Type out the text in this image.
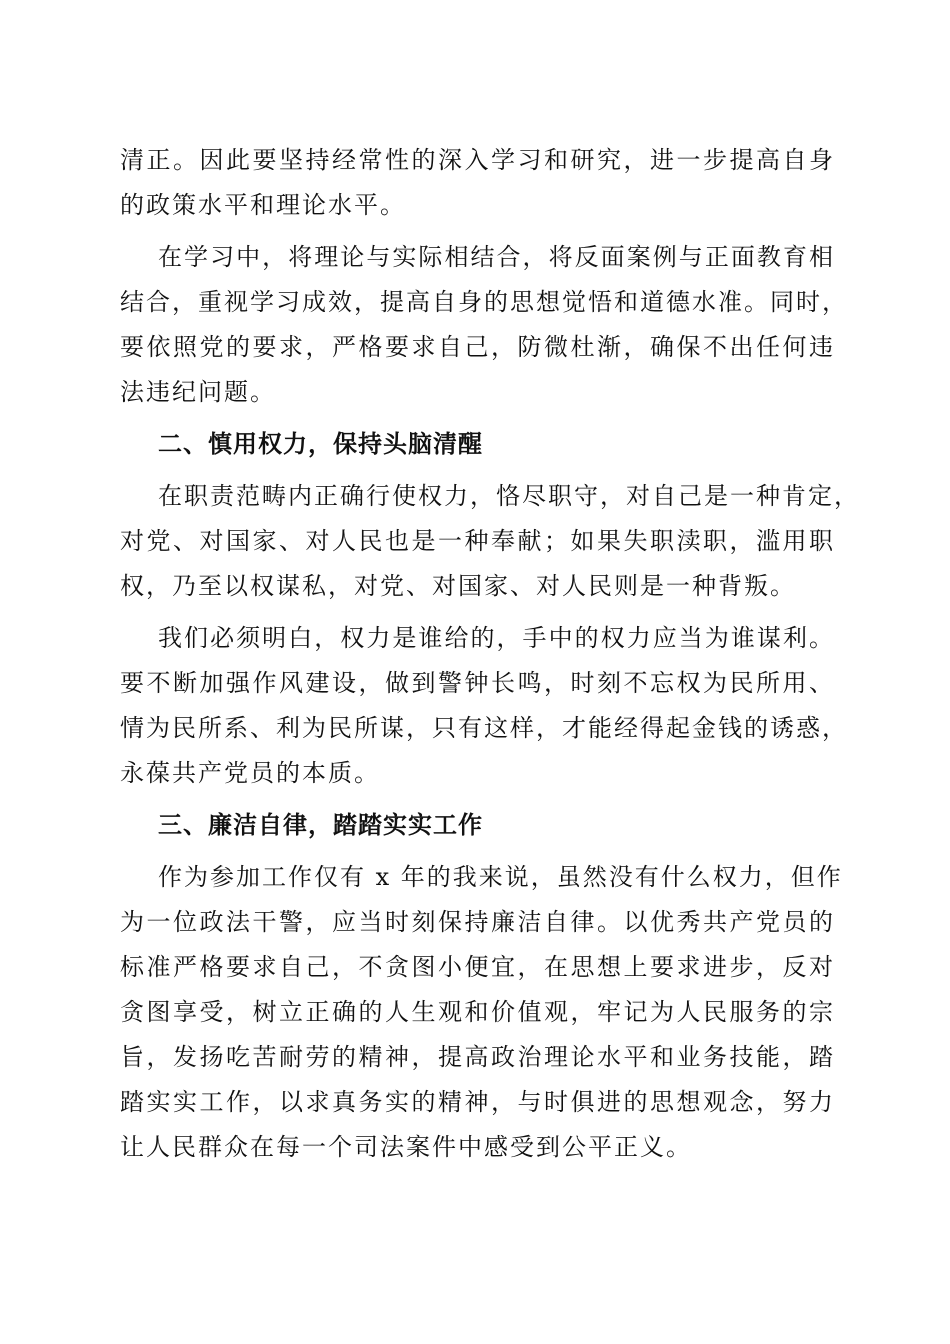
清正。因此要坚持经常性的深入学习和研究，进一步提高自身
的政策水平和理论水平。
在学习中，将理论与实际相结合，将反面案例与正面教育相
结合，重视学习成效，提高自身的思想觉悟和道德水准。同时，
要依照党的要求，严格要求自己，防微杜渐，确保不出任何违
法违纪问题。
二、慎用权力，保持头脑清醒
在职责范畴内正确行使权力，恪尽职守，对自己是一种肯定，
对党、对国家、对人民也是一种奉献；如果失职渎职，滥用职
权，乃至以权谋私，对党、对国家、对人民则是一种背叛。
我们必须明白，权力是谁给的，手中的权力应当为谁谋利。
要不断加强作风建设，做到警钟长鸣，时刻不忘权为民所用、
情为民所系、利为民所谋，只有这样，才能经得起金钱的诱惑，
永葆共产党员的本质。
三、廉洁自律，踏踏实实工作
作为参加工作仅有 x 年的我来说，虽然没有什么权力，但作
为一位政法干警，应当时刻保持廉洁自律。以优秀共产党员的
标准严格要求自己，不贪图小便宜，在思想上要求进步，反对
贪图享受，树立正确的人生观和价值观，牢记为人民服务的宗
旨，发扬吃苦耐劳的精神，提高政治理论水平和业务技能，踏
踏实实工作，以求真务实的精神，与时俱进的思想观念，努力
让人民群众在每一个司法案件中感受到公平正义。
